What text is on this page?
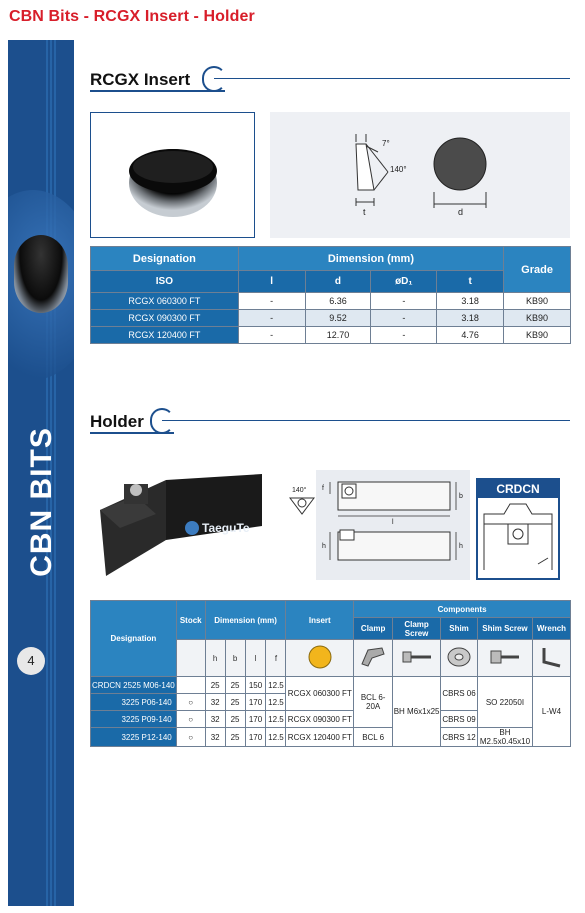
CBN Bits - RCGX Insert - Holder
CBN BITS
4
RCGX Insert
7°
140°
t	d
Designation	Dimension (mm)				Grade
ISO	l	d	øD₁	t	
RCGX 060300 FT	-	6.36	-	3.18	KB90
RCGX 090300 FT	-	9.52	-	3.18	KB90
RCGX 120400 FT	-	12.70	-	4.76	KB90
Holder
TaeguTe
140° f
b
l
h	h
CRDCN
Designation	Stock	Dimension (mm)				Insert	Components				
							Clamp	Clamp Screw	Shim	Shim Screw	Wrench
		h	b	l	f						
CRDCN 2525 M06-140		25	25	150	12.5	RCGX 060300 FT	BCL 6-20A	BH M6x1x25	CBRS 06	SO 22050I	L-W4
3225 P06-140	○	32	25	170	12.5						
3225 P09-140	○	32	25	170	12.5	RCGX 090300 FT			CBRS 09		
3225 P12-140	○	32	25	170	12.5	RCGX 120400 FT	BCL 6		CBRS 12	BH M2.5x0.45x10	
